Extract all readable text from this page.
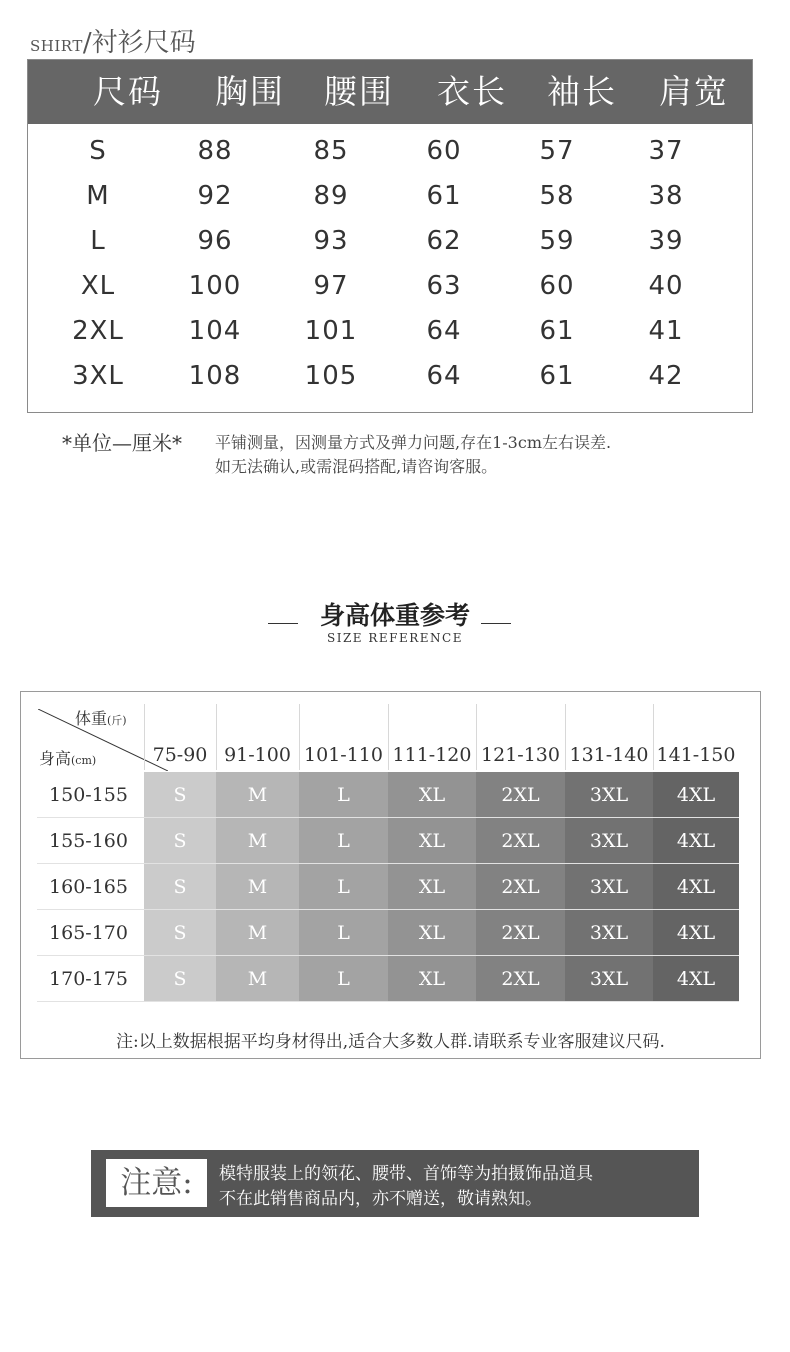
SHIRT/衬衫尺码
尺码	胸围	腰围	衣长	袖长	肩宽
S	88	85	60	57	37
M	92	89	61	58	38
L	96	93	62	59	39
XL	100	97	63	60	40
2XL	104	101	64	61	41
3XL	108	105	64	61	42
*单位—厘米* 平铺测量，因测量方式及弹力问题,存在1-3cm左右误差.
如无法确认,或需混码搭配,请咨询客服。
身高体重参考
SIZE REFERENCE
体重(斤)
身高(cm)	75-90 91-100 101-110 111-120 121-130 131-140 141-150
150-155	S	M	L	XL	2XL	3XL	4XL
155-160	S	M	L	XL	2XL	3XL	4XL
160-165	S	M	L	XL	2XL	3XL	4XL
165-170	S	M	L	XL	2XL	3XL	4XL
170-175	S	M	L	XL	2XL	3XL	4XL
注:以上数据根据平均身材得出,适合大多数人群.请联系专业客服建议尺码.
注意:	模特服装上的领花、腰带、首饰等为拍摄饰品道具
不在此销售商品内，亦不赠送，敬请熟知。
